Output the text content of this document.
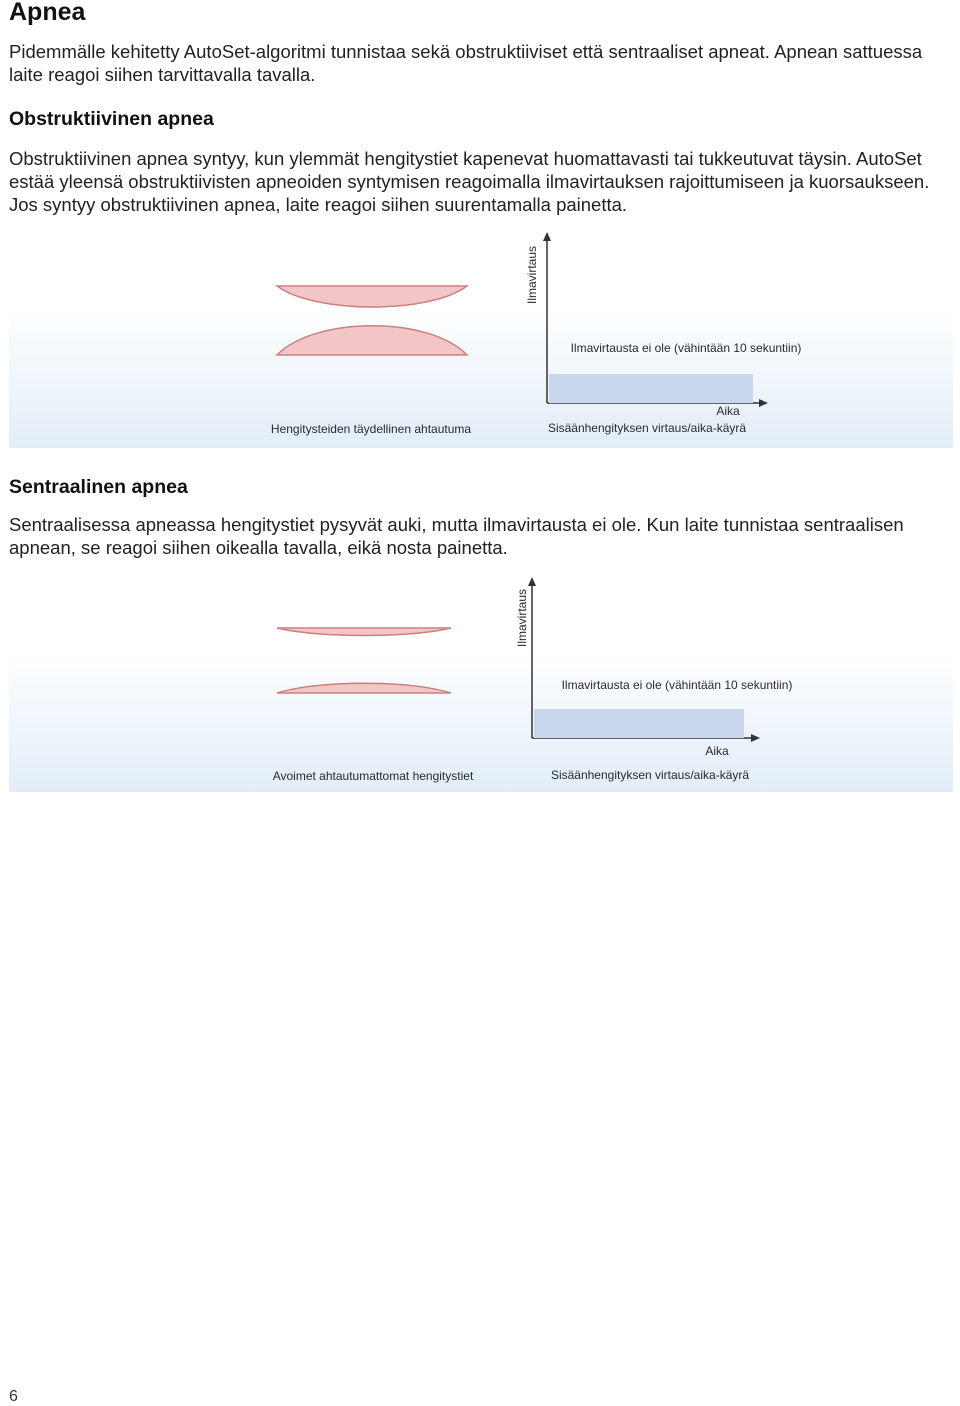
Apnea
Pidemmälle kehitetty AutoSet-algoritmi tunnistaa sekä obstruktiiviset että sentraaliset apneat. Apnean sattuessa laite reagoi siihen tarvittavalla tavalla.
Obstruktiivinen apnea
Obstruktiivinen apnea syntyy, kun ylemmät hengitystiet kapenevat huomattavasti tai tukkeutuvat täysin. AutoSet estää yleensä obstruktiivisten apneoiden syntymisen reagoimalla ilmavirtauksen rajoittumiseen ja kuorsaukseen. Jos syntyy obstruktiivinen apnea, laite reagoi siihen suurentamalla painetta.
Hengitysteiden täydellinen ahtautuma
Ilmavirtaus
Ilmavirtausta ei ole (vähintään 10 sekuntiin)
Aika
Sisäänhengityksen virtaus/aika-käyrä
Sentraalinen apnea
Sentraalisessa apneassa hengitystiet pysyvät auki, mutta ilmavirtausta ei ole. Kun laite tunnistaa sentraalisen apnean, se reagoi siihen oikealla tavalla, eikä nosta painetta.
Avoimet ahtautumattomat hengitystiet
Ilmavirtaus
Ilmavirtausta ei ole (vähintään 10 sekuntiin)
Aika
Sisäänhengityksen virtaus/aika-käyrä
6
